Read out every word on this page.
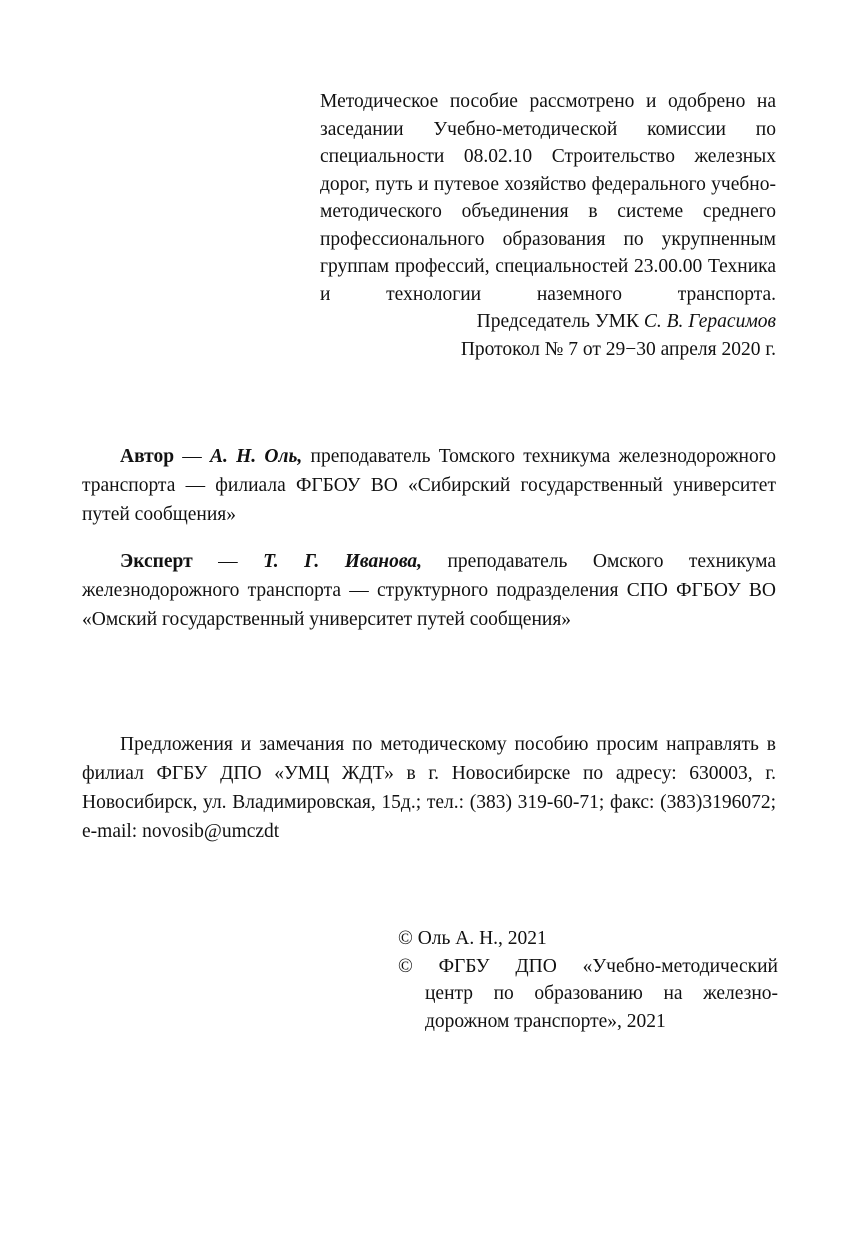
Методическое пособие рассмотрено и одобрено на заседании Учебно-методической комиссии по специальности 08.02.10 Строительство железных дорог, путь и путевое хозяйство федерального учебно-методического объединения в системе среднего профессионального образования по укрупненным группам профессий, специальностей 23.00.00 Техника и технологии наземного транспорта.

Председатель УМК С. В. Герасимов
Протокол № 7 от 29−30 апреля 2020 г.

Автор — А. Н. Оль, преподаватель Томского техникума железнодорожного транспорта — филиала ФГБОУ ВО «Сибирский государственный университет путей сообщения»

Эксперт — Т. Г. Иванова, преподаватель Омского техникума железнодорожного транспорта — структурного подразделения СПО ФГБОУ ВО «Омский государственный университет путей сообщения»

Предложения и замечания по методическому пособию просим направлять в филиал ФГБУ ДПО «УМЦ ЖДТ» в г. Новосибирске по адресу: 630003, г. Новосибирск, ул. Владимировская, 15д.; тел.: (383) 319-60-71; факс: (383)3196072; e-mail: novosib@umczdt

© Оль А. Н., 2021
© ФГБУ ДПО «Учебно-методический
центр по образованию на железно-
дорожном транспорте», 2021
